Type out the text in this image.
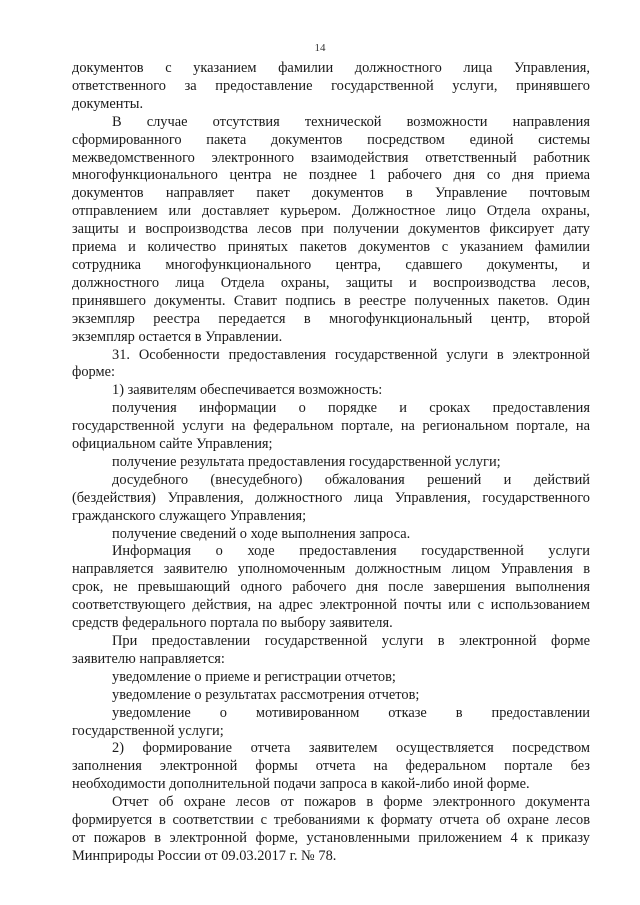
14

документов с указанием фамилии должностного лица Управления,

ответственного за предоставление государственной услуги, принявшего

документы.

В случае отсутствия технической возможности направления

сформированного пакета документов посредством единой системы

межведомственного электронного взаимодействия ответственный работник

многофункционального центра не позднее 1 рабочего дня со дня приема

документов направляет пакет документов в Управление почтовым

отправлением или доставляет курьером. Должностное лицо Отдела охраны,

защиты и воспроизводства лесов при получении документов фиксирует дату

приема и количество принятых пакетов документов с указанием фамилии

сотрудника многофункционального центра, сдавшего документы, и

должностного лица Отдела охраны, защиты и воспроизводства лесов,

принявшего документы. Ставит подпись в реестре полученных пакетов. Один

экземпляр реестра передается в многофункциональный центр, второй

экземпляр остается в Управлении.

31. Особенности предоставления государственной услуги в электронной

форме:

1) заявителям обеспечивается возможность:

получения информации о порядке и сроках предоставления

государственной услуги на федеральном портале, на региональном портале, на

официальном сайте Управления;

получение результата предоставления государственной услуги;

досудебного (внесудебного) обжалования решений и действий

(бездействия) Управления, должностного лица Управления, государственного

гражданского служащего Управления;

получение сведений о ходе выполнения запроса.

Информация о ходе предоставления государственной услуги

направляется заявителю уполномоченным должностным лицом Управления в

срок, не превышающий одного рабочего дня после завершения выполнения

соответствующего действия, на адрес электронной почты или с использованием

средств федерального портала по выбору заявителя.

При предоставлении государственной услуги в электронной форме

заявителю направляется:

уведомление о приеме и регистрации отчетов;

уведомление о результатах рассмотрения отчетов;

уведомление о мотивированном отказе в предоставлении

государственной услуги;

2) формирование отчета заявителем осуществляется посредством

заполнения электронной формы отчета на федеральном портале без

необходимости дополнительной подачи запроса в какой-либо иной форме.

Отчет об охране лесов от пожаров в форме электронного документа

формируется в соответствии с требованиями к формату отчета об охране лесов

от пожаров в электронной форме, установленными приложением 4 к приказу

Минприроды России от 09.03.2017 г. № 78.
